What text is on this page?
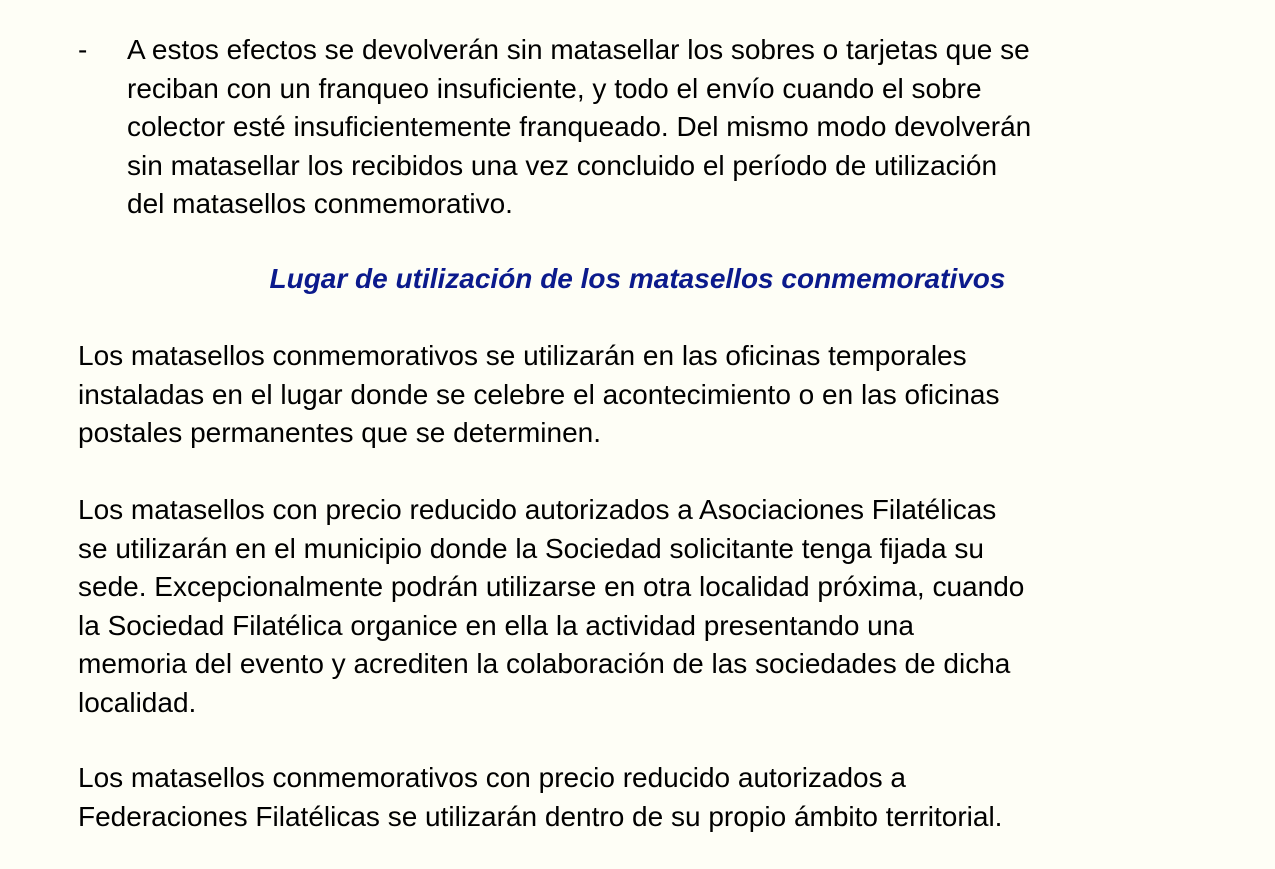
- A estos efectos se devolverán sin matasellar los sobres o tarjetas que se
reciban con un franqueo insuficiente, y todo el envío cuando el sobre
colector esté insuficientemente franqueado. Del mismo modo devolverán
sin matasellar los recibidos una vez concluido el período de utilización
del matasellos conmemorativo.
Lugar de utilización de los matasellos conmemorativos
Los matasellos conmemorativos se utilizarán en las oficinas temporales
instaladas en el lugar donde se celebre el acontecimiento o en las oficinas
postales permanentes que se determinen.
Los matasellos con precio reducido autorizados a Asociaciones Filatélicas
se utilizarán en el municipio donde la Sociedad solicitante tenga fijada su
sede. Excepcionalmente podrán utilizarse en otra localidad próxima, cuando
la Sociedad Filatélica organice en ella la actividad presentando una
memoria del evento y acrediten la colaboración de las sociedades de dicha
localidad.
Los matasellos conmemorativos con precio reducido autorizados a
Federaciones Filatélicas se utilizarán dentro de su propio ámbito territorial.
